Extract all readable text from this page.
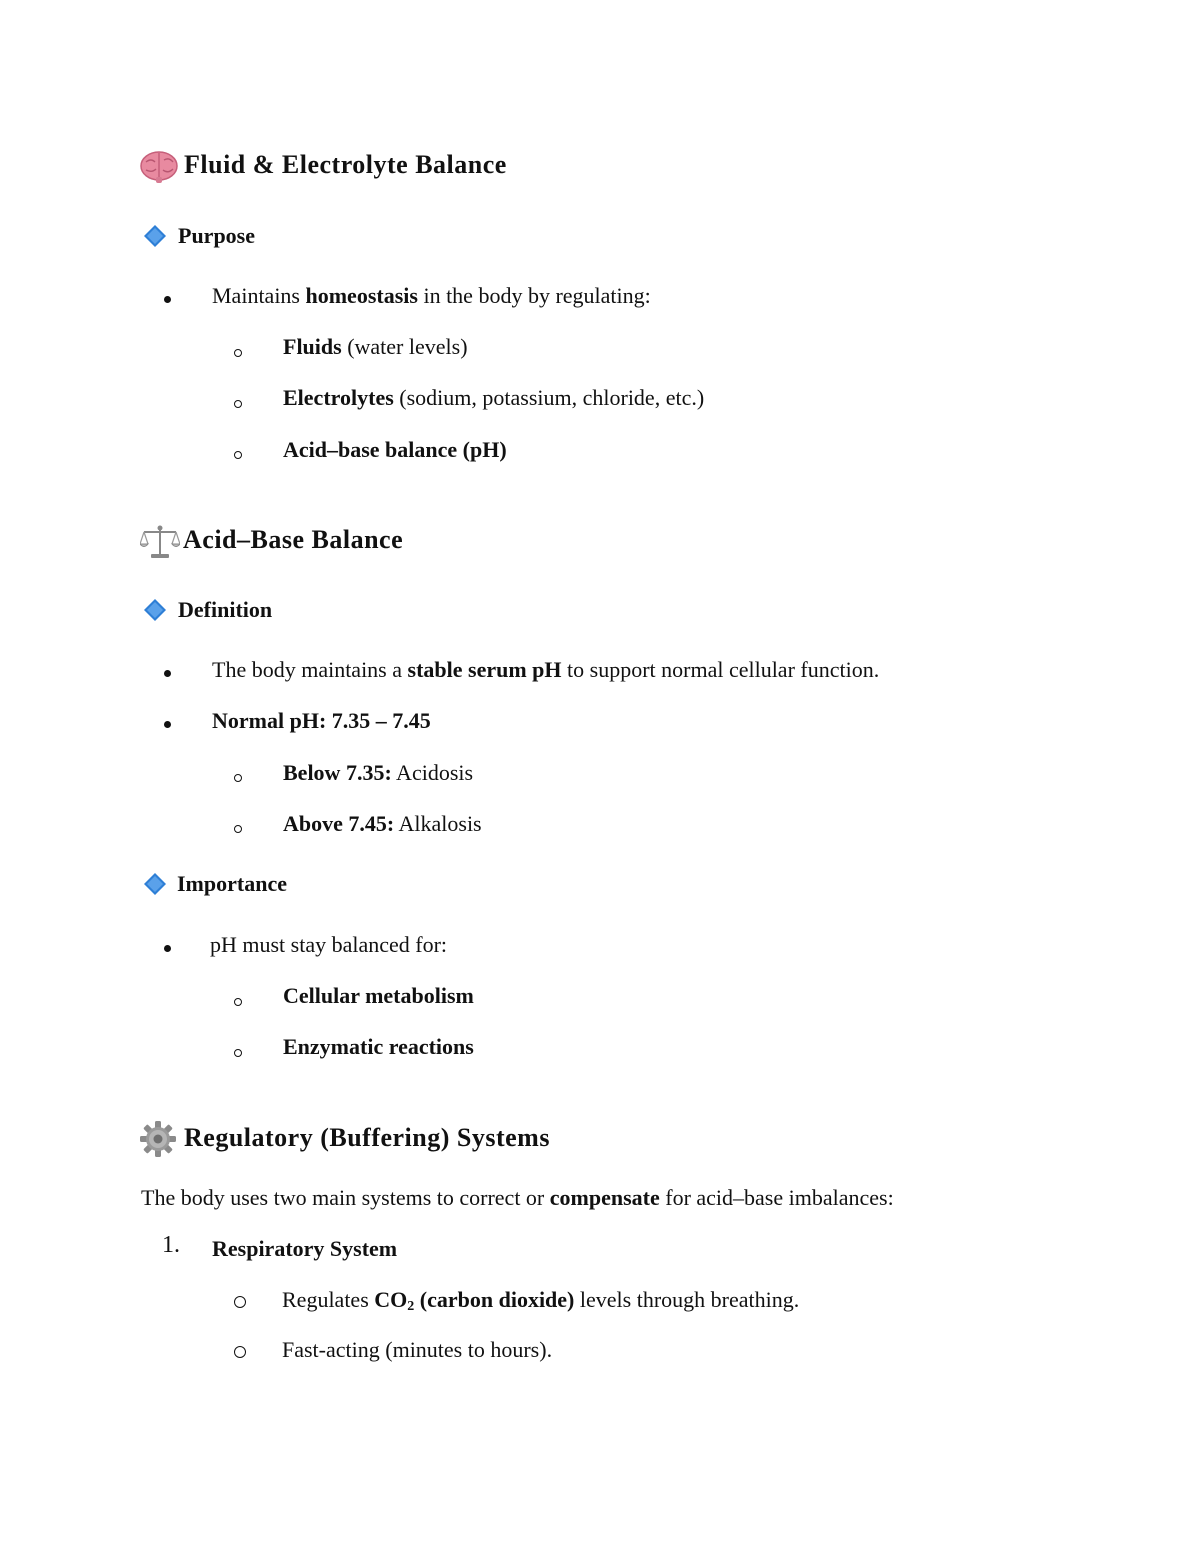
Fluid & Electrolyte Balance
Purpose
Maintains homeostasis in the body by regulating:
Fluids (water levels)
Electrolytes (sodium, potassium, chloride, etc.)
Acid–base balance (pH)
Acid–Base Balance
Definition
The body maintains a stable serum pH to support normal cellular function.
Normal pH: 7.35 – 7.45
Below 7.35: Acidosis
Above 7.45: Alkalosis
Importance
pH must stay balanced for:
Cellular metabolism
Enzymatic reactions
Regulatory (Buffering) Systems
The body uses two main systems to correct or compensate for acid–base imbalances:
1. Respiratory System
Regulates $CO_2$ (carbon dioxide) levels through breathing.
Fast-acting (minutes to hours).
